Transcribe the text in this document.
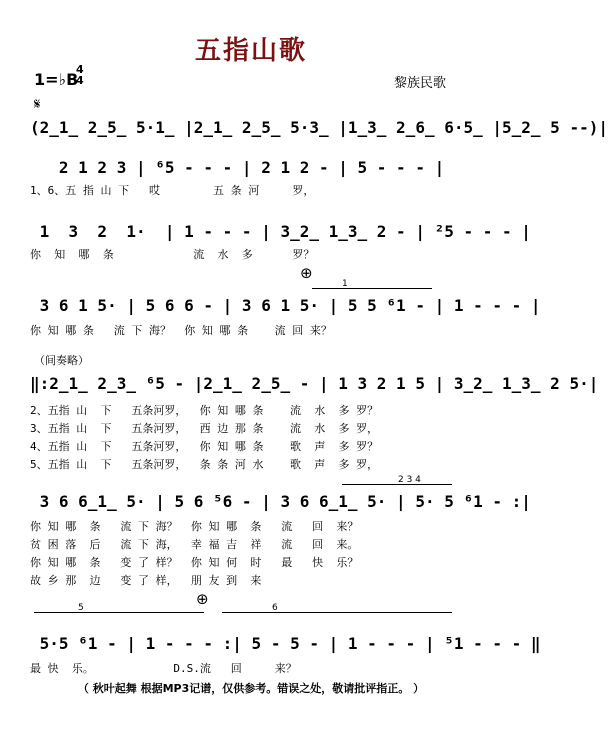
五指山歌
1=♭B
4
4	黎族民歌
𝄋
(2̲1̲ 2̲5̲ 5·1̲ |2̲1̲ 2̲5̲ 5·3̲ |1̲3̲ 2̲6̲ 6·5̲ |5̲2̲ 5 --)|
2 1 2 3 | ⁶5 - - - | 2 1 2 - | 5 - - - |
1、6、五 指 山 下   哎        五 条 河     罗，
1  3  2  1·  | 1 - - - | 3̲2̲ 1̲3̲ 2 - | ²5 - - - |
你  知  哪  条            流  水  多      罗？
⊕
1
3 6 1 5· | 5 6 6 - | 3 6 1 5· | 5 5 ⁶1 - | 1 - - - |
你 知 哪 条   流 下 海？  你 知 哪 条    流 回 来？
（间奏略）
‖:2̲1̲ 2̲3̲ ⁶5 - |2̲1̲ 2̲5̲ - | 1 3 2 1 5 | 3̲2̲ 1̲3̲ 2 5·|
2、五指 山  下   五条河罗，  你 知 哪 条    流  水  多 罗？
3、五指 山  下   五条河罗，  西 边 那 条    流  水  多 罗，
4、五指 山  下   五条河罗，  你 知 哪 条    歌  声  多 罗？
5、五指 山  下   五条河罗，  条 条 河 水    歌  声  多 罗，
2 3 4
3 6 6̲1̲ 5· | 5 6 ⁵6 - | 3 6 6̲1̲ 5· | 5· 5 ⁶1 - :|
你 知 哪  条   流 下 海？  你 知 哪  条   流   回  来？
贫 困 落  后   流 下 海，  幸 福 吉  祥   流   回  来。
你 知 哪  条   变 了 样？  你 知 何  时   最   快  乐？
故 乡 那  边   变 了 样，  朋 友 到  来
⊕
5	6
5·5 ⁶1 - | 1 - - - :| 5 - 5 - | 1 - - - | ⁵1 - - - ‖
最 快  乐。            D.S.流   回     来？
（ 秋叶起舞 根据MP3记谱，仅供参考。错误之处，敬请批评指正。 ）
